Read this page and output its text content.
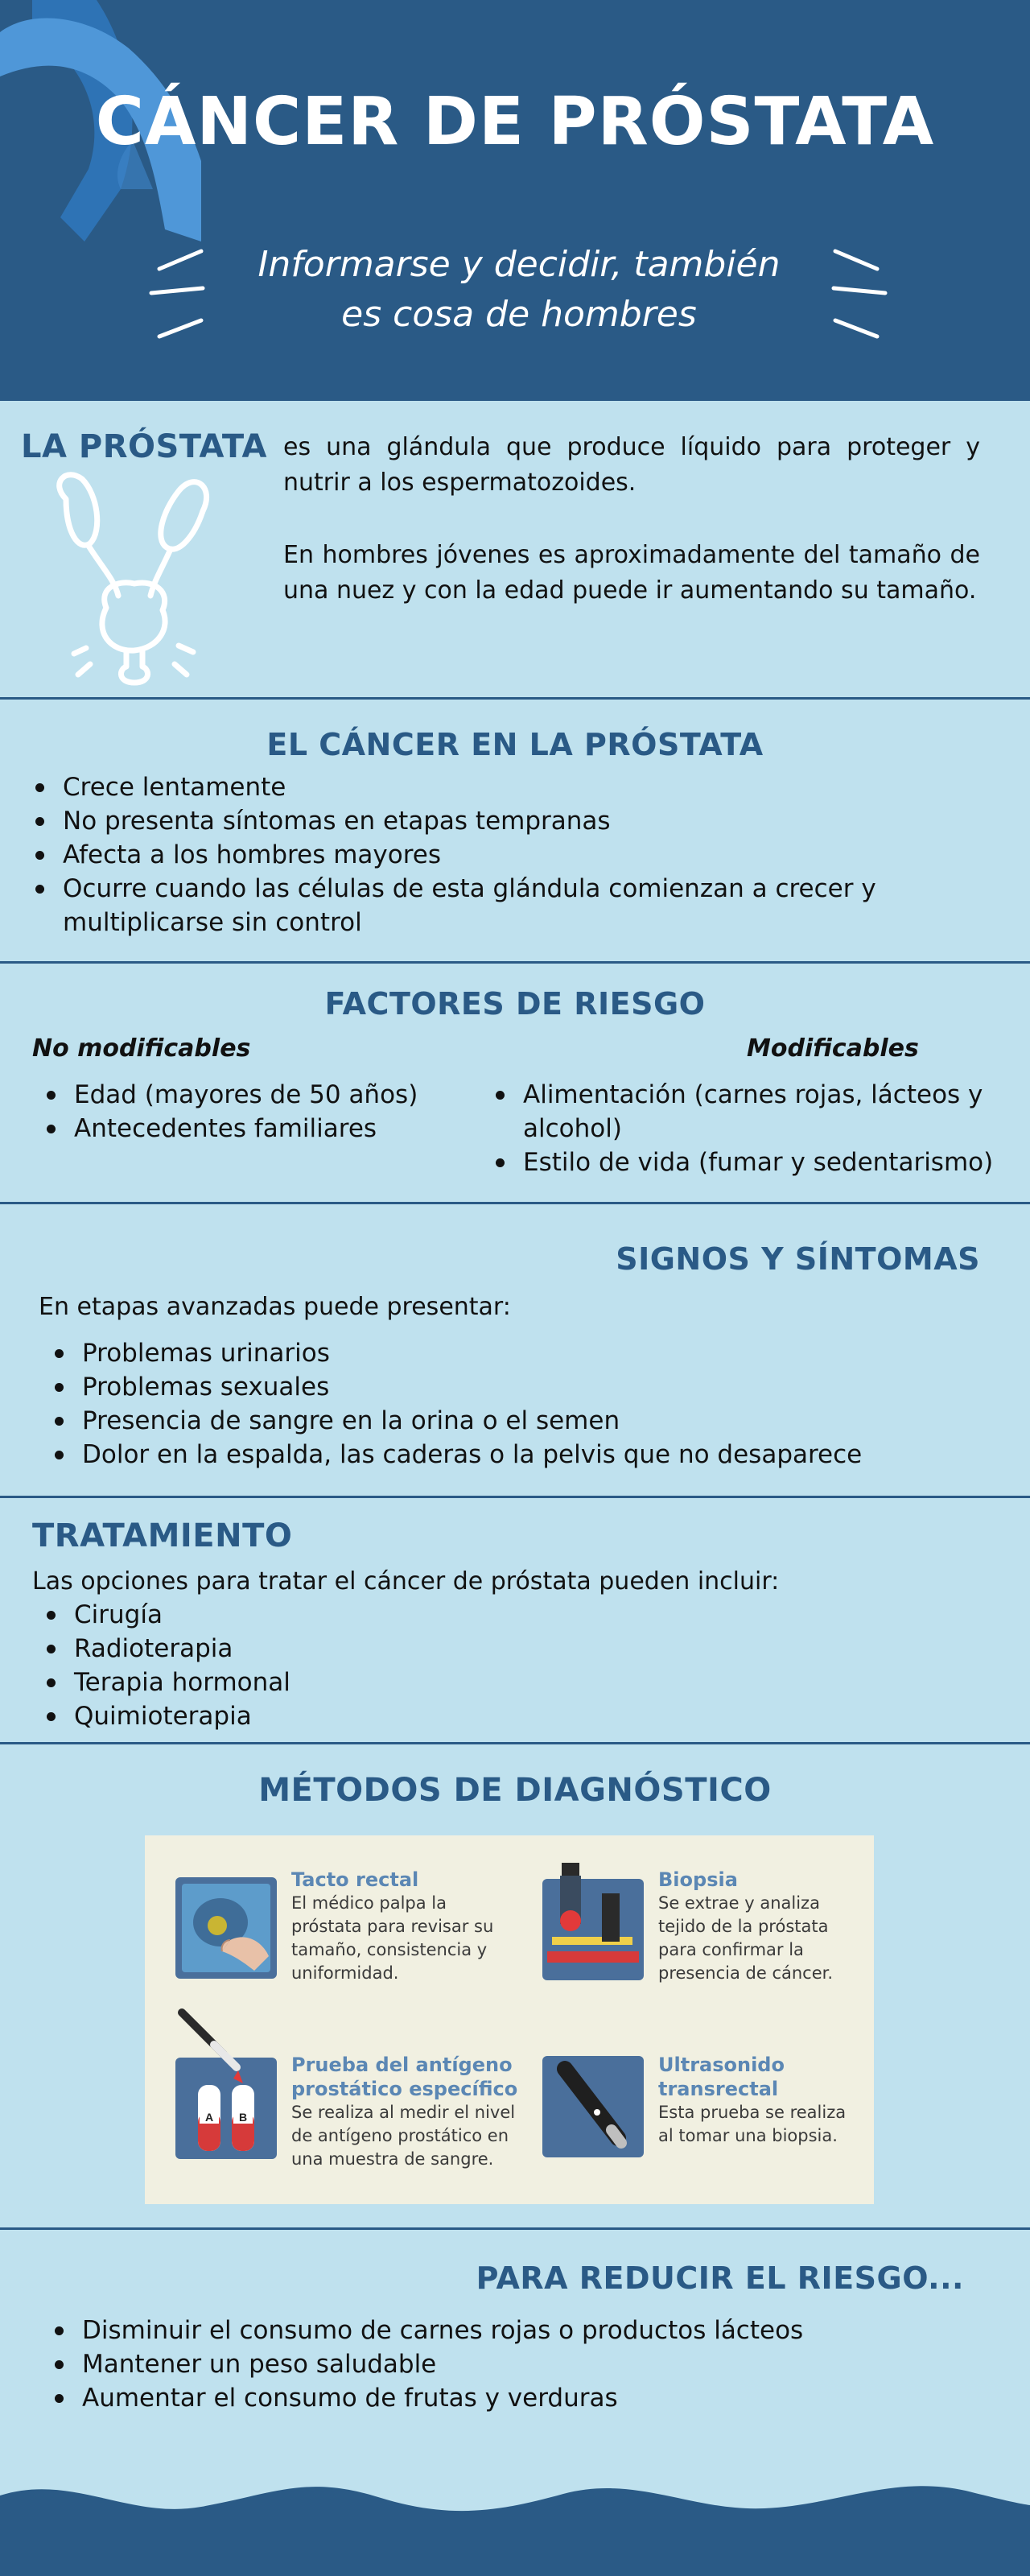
CÁNCER DE PRÓSTATA
Informarse y decidir, también
es cosa de hombres
LA PRÓSTATA es una glándula que produce líquido para proteger y nutrir a los espermatozoides.
En hombres jóvenes es aproximadamente del tamaño de una nuez y con la edad puede ir aumentando su tamaño.
EL CÁNCER EN LA PRÓSTATA
Crece lentamente
No presenta síntomas en etapas tempranas
Afecta a los hombres mayores
Ocurre cuando las células de esta glándula comienzan a crecer y multiplicarse sin control
FACTORES DE RIESGO
No modificables	Modificables
Edad (mayores de 50 años)
Antecedentes familiares
Alimentación (carnes rojas, lácteos y alcohol)
Estilo de vida (fumar y sedentarismo)
SIGNOS Y SÍNTOMAS
En etapas avanzadas puede presentar:
Problemas urinarios
Problemas sexuales
Presencia de sangre en la orina o el semen
Dolor en la espalda, las caderas o la pelvis que no desaparece
TRATAMIENTO
Las opciones para tratar el cáncer de próstata pueden incluir:
Cirugía
Radioterapia
Terapia hormonal
Quimioterapia
MÉTODOS DE DIAGNÓSTICO
Tacto rectal
El médico palpa la próstata para revisar su tamaño, consistencia y uniformidad.
Biopsia
Se extrae y analiza tejido de la próstata para confirmar la presencia de cáncer.
A B
Prueba del antígeno prostático específico
Se realiza al medir el nivel de antígeno prostático en una muestra de sangre.
Ultrasonido transrectal
Esta prueba se realiza al tomar una biopsia.
PARA REDUCIR EL RIESGO...
Disminuir el consumo de carnes rojas o productos lácteos
Mantener un peso saludable
Aumentar el consumo de frutas y verduras
